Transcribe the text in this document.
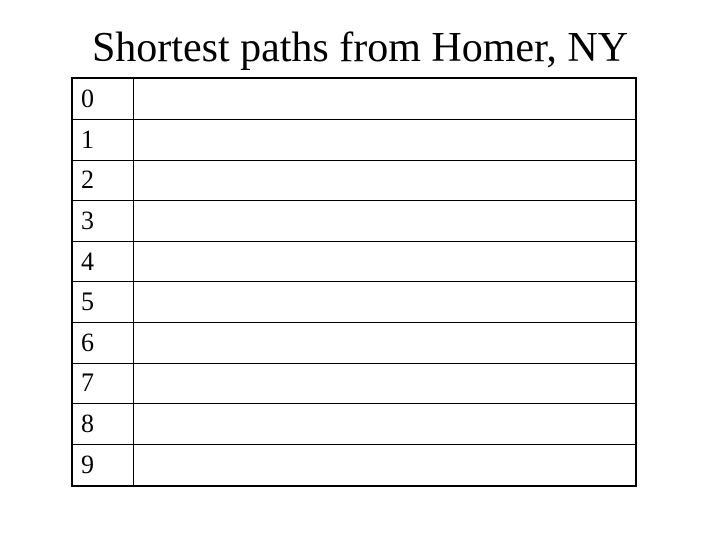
Shortest paths from Homer, NY
0	
1	
2	
3	
4	
5	
6	
7	
8	
9	
